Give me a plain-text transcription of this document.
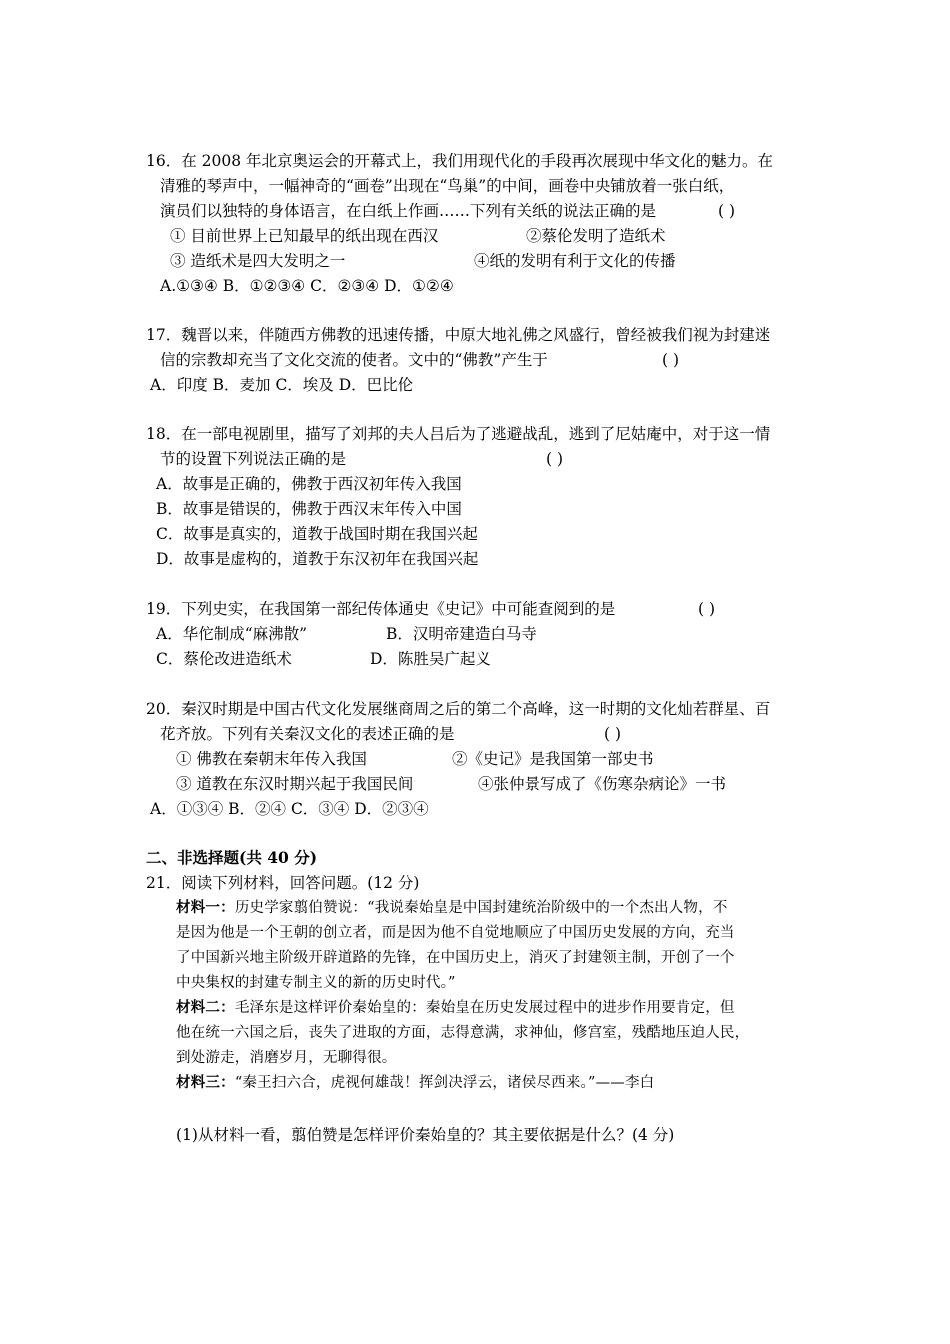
16．在 2008 年北京奥运会的开幕式上，我们用现代化的手段再次展现中华文化的魅力。在
清雅的琴声中，一幅神奇的“画卷”出现在“鸟巢”的中间，画卷中央铺放着一张白纸，
演员们以独特的身体语言，在白纸上作画……下列有关纸的说法正确的是	( )
① 目前世界上已知最早的纸出现在西汉	②蔡伦发明了造纸术
③ 造纸术是四大发明之一	④纸的发明有利于文化的传播
A.①③④ B．①②③④ C．②③④ D．①②④
17．魏晋以来，伴随西方佛教的迅速传播，中原大地礼佛之风盛行，曾经被我们视为封建迷
信的宗教却充当了文化交流的使者。文中的“佛教”产生于	( )
A．印度 B．麦加 C．埃及 D．巴比伦
18．在一部电视剧里，描写了刘邦的夫人吕后为了逃避战乱，逃到了尼姑庵中，对于这一情
节的设置下列说法正确的是	( )
A．故事是正确的，佛教于西汉初年传入我国
B．故事是错误的，佛教于西汉末年传入中国
C．故事是真实的，道教于战国时期在我国兴起
D．故事是虚构的，道教于东汉初年在我国兴起
19．下列史实，在我国第一部纪传体通史《史记》中可能查阅到的是	( )
A．华佗制成“麻沸散”	B．汉明帝建造白马寺
C．蔡伦改进造纸术	D．陈胜吴广起义
20．秦汉时期是中国古代文化发展继商周之后的第二个高峰，这一时期的文化灿若群星、百
花齐放。下列有关秦汉文化的表述正确的是	( )
① 佛教在秦朝末年传入我国	②《史记》是我国第一部史书
③ 道教在东汉时期兴起于我国民间	④张仲景写成了《伤寒杂病论》一书
A．①③④ B．②④ C．③④ D．②③④
二、非选择题(共 40 分)
21．阅读下列材料，回答问题。(12 分)
材料一：历史学家翦伯赞说：“我说秦始皇是中国封建统治阶级中的一个杰出人物，不
是因为他是一个王朝的创立者，而是因为他不自觉地顺应了中国历史发展的方向，充当
了中国新兴地主阶级开辟道路的先锋，在中国历史上，消灭了封建领主制，开创了一个
中央集权的封建专制主义的新的历史时代。”
材料二：毛泽东是这样评价秦始皇的：秦始皇在历史发展过程中的进步作用要肯定，但
他在统一六国之后，丧失了进取的方面，志得意满，求神仙，修宫室，残酷地压迫人民，
到处游走，消磨岁月，无聊得很。
材料三：“秦王扫六合，虎视何雄哉！挥剑决浮云，诸侯尽西来。”——李白
(1)从材料一看，翦伯赞是怎样评价秦始皇的？其主要依据是什么？(4 分)
